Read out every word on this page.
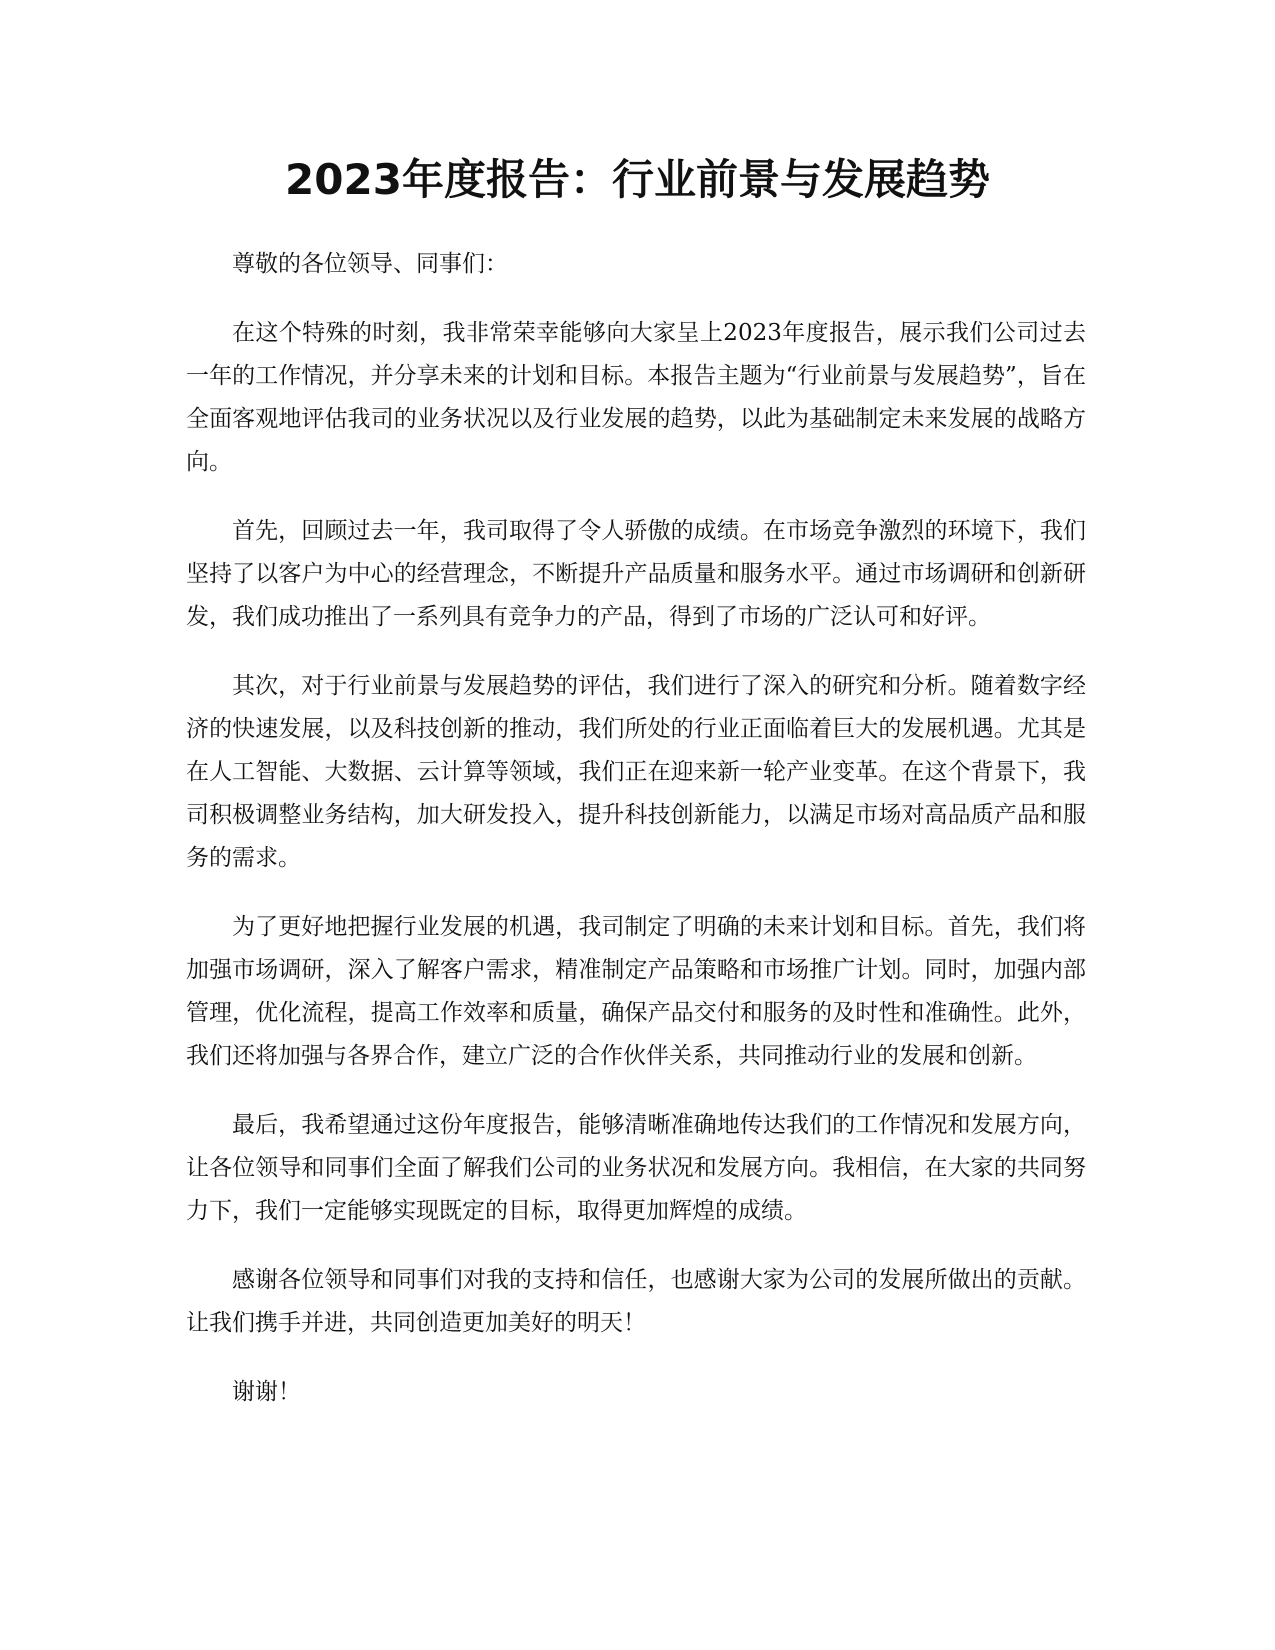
2023年度报告：行业前景与发展趋势

尊敬的各位领导、同事们：

在这个特殊的时刻，我非常荣幸能够向大家呈上2023年度报告，展示我们公司过去一年的工作情况，并分享未来的计划和目标。本报告主题为“行业前景与发展趋势”，旨在全面客观地评估我司的业务状况以及行业发展的趋势，以此为基础制定未来发展的战略方向。

首先，回顾过去一年，我司取得了令人骄傲的成绩。在市场竞争激烈的环境下，我们坚持了以客户为中心的经营理念，不断提升产品质量和服务水平。通过市场调研和创新研发，我们成功推出了一系列具有竞争力的产品，得到了市场的广泛认可和好评。

其次，对于行业前景与发展趋势的评估，我们进行了深入的研究和分析。随着数字经济的快速发展，以及科技创新的推动，我们所处的行业正面临着巨大的发展机遇。尤其是在人工智能、大数据、云计算等领域，我们正在迎来新一轮产业变革。在这个背景下，我司积极调整业务结构，加大研发投入，提升科技创新能力，以满足市场对高品质产品和服务的需求。

为了更好地把握行业发展的机遇，我司制定了明确的未来计划和目标。首先，我们将加强市场调研，深入了解客户需求，精准制定产品策略和市场推广计划。同时，加强内部管理，优化流程，提高工作效率和质量，确保产品交付和服务的及时性和准确性。此外，我们还将加强与各界合作，建立广泛的合作伙伴关系，共同推动行业的发展和创新。

最后，我希望通过这份年度报告，能够清晰准确地传达我们的工作情况和发展方向，让各位领导和同事们全面了解我们公司的业务状况和发展方向。我相信，在大家的共同努力下，我们一定能够实现既定的目标，取得更加辉煌的成绩。

感谢各位领导和同事们对我的支持和信任，也感谢大家为公司的发展所做出的贡献。让我们携手并进，共同创造更加美好的明天！

谢谢！
